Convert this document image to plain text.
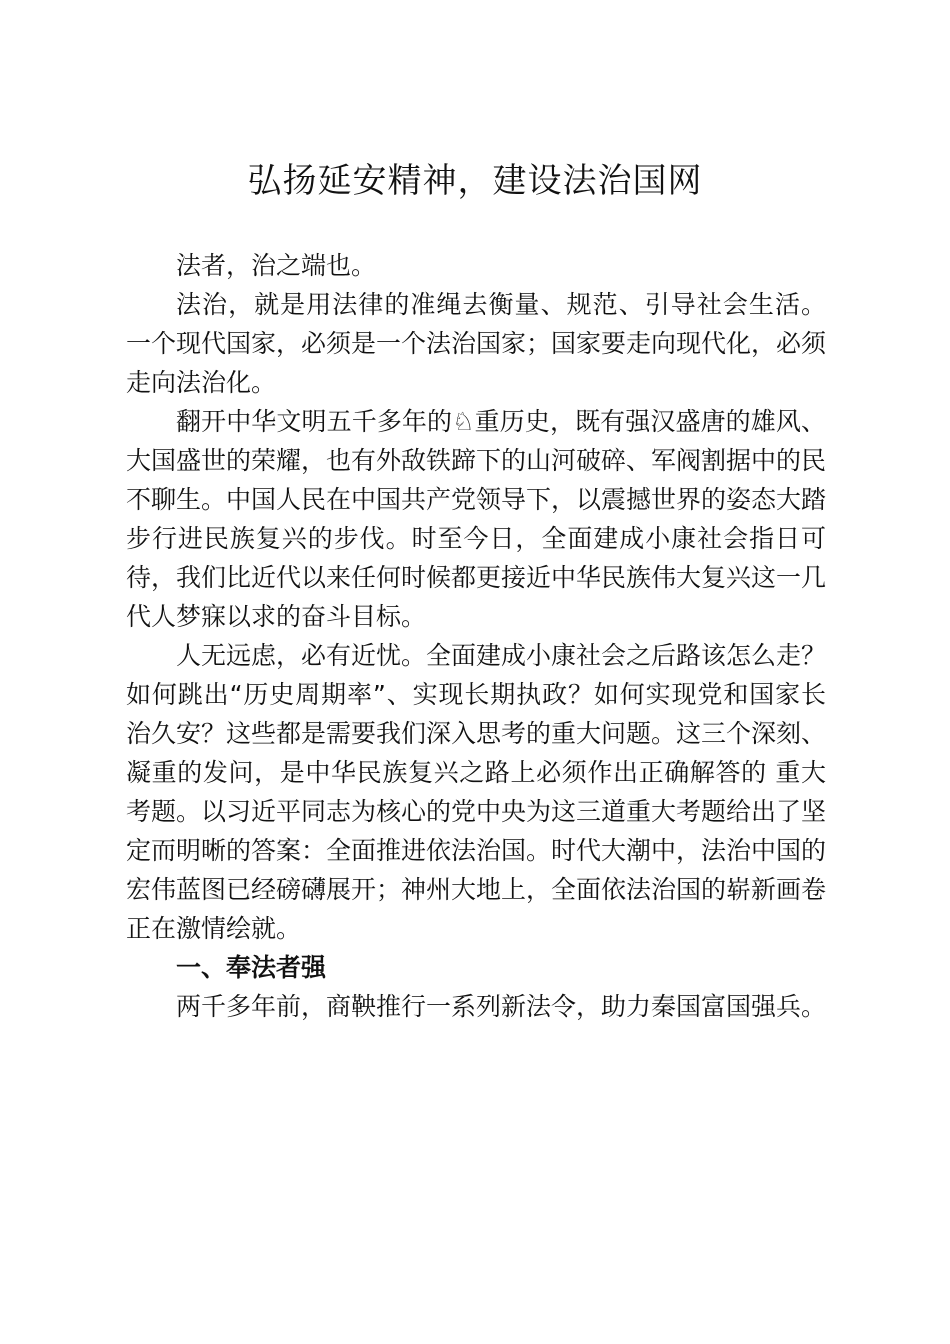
弘扬延安精神，建设法治国网

法者，治之端也。

法治，就是用法律的准绳去衡量、规范、引导社会生活。 一个现代国家，必须是一个法治国家；国家要走向现代化，必须走向法治化。

翻开中华文明五千多年的♘重历史，既有强汉盛唐的雄风、大国盛世的荣耀，也有外敌铁蹄下的山河破碎、军阀割据中的民不聊生。中国人民在中国共产党领导下，以震撼世界的姿态大踏步行进民族复兴的步伐。时至今日，全面建成小康社会指日可待，我们比近代以来任何时候都更接近中华民族伟大复兴这一几代人梦寐以求的奋斗目标。

人无远虑，必有近忧。全面建成小康社会之后路该怎么走？如何跳出“历史周期率”、实现长期执政？如何实现党和国家长治久安？这些都是需要我们深入思考的重大问题。这三个深刻、凝重的发问，是中华民族复兴之路上必须作出正确解答的 重大考题。以习近平同志为核心的党中央为这三道重大考题给出了坚定而明晰的答案：全面推进依法治国。时代大潮中，法治中国的宏伟蓝图已经磅礴展开；神州大地上，全面依法治国的崭新画卷正在激情绘就。

一、奉法者强

两千多年前，商鞅推行一系列新法令，助力秦国富国强兵。
